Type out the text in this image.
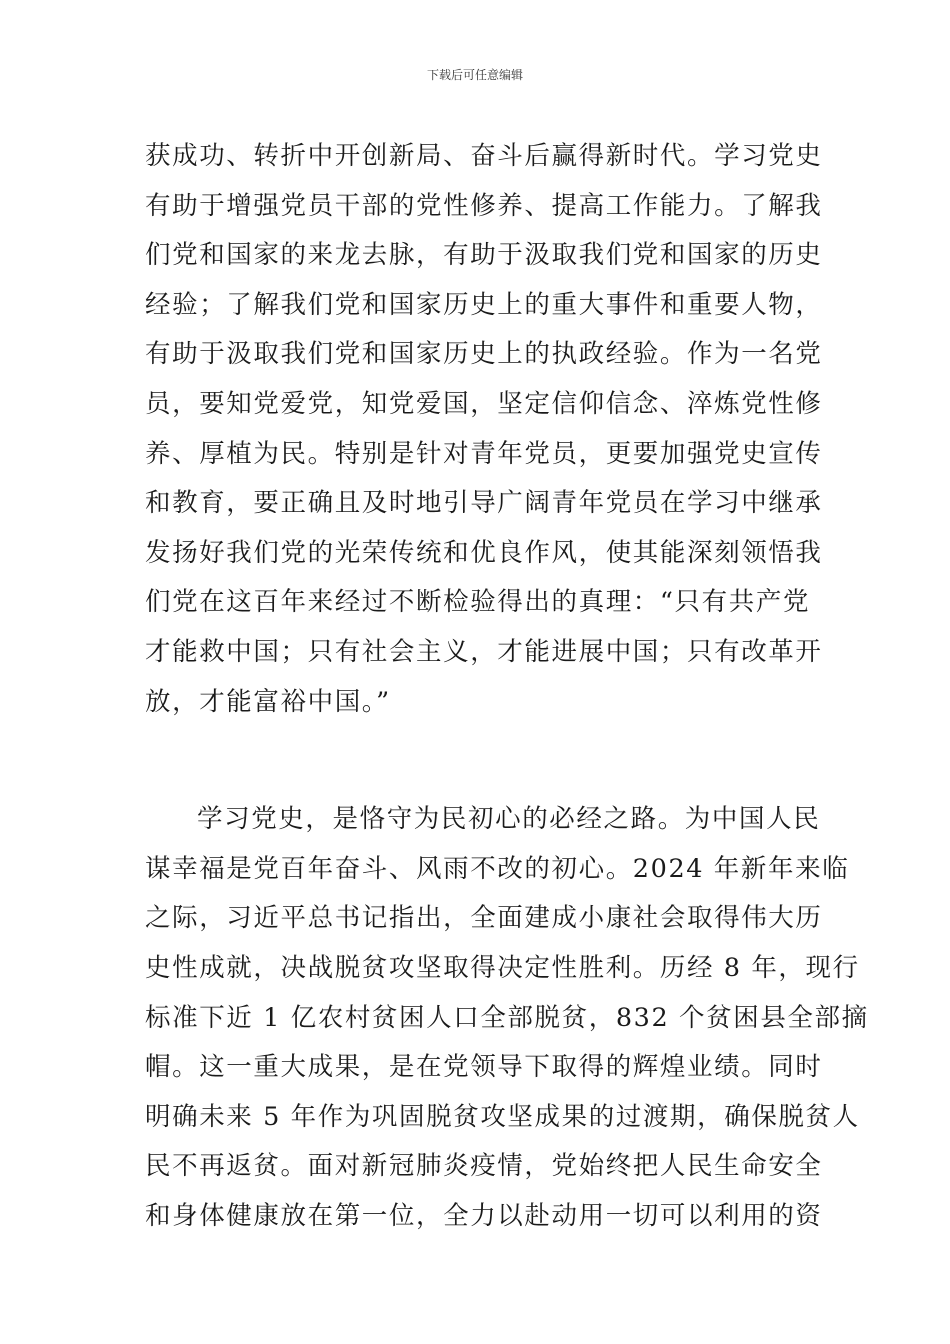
下载后可任意编辑
获成功、转折中开创新局、奋斗后赢得新时代。学习党史
有助于增强党员干部的党性修养、提高工作能力。了解我
们党和国家的来龙去脉，有助于汲取我们党和国家的历史
经验；了解我们党和国家历史上的重大事件和重要人物，
有助于汲取我们党和国家历史上的执政经验。作为一名党
员，要知党爱党，知党爱国，坚定信仰信念、淬炼党性修
养、厚植为民。特别是针对青年党员，更要加强党史宣传
和教育，要正确且及时地引导广阔青年党员在学习中继承
发扬好我们党的光荣传统和优良作风，使其能深刻领悟我
们党在这百年来经过不断检验得出的真理：“只有共产党
才能救中国；只有社会主义，才能进展中国；只有改革开
放，才能富裕中国。”
学习党史，是恪守为民初心的必经之路。为中国人民
谋幸福是党百年奋斗、风雨不改的初心。2024 年新年来临
之际，习近平总书记指出，全面建成小康社会取得伟大历
史性成就，决战脱贫攻坚取得决定性胜利。历经 8 年，现行
标准下近 1 亿农村贫困人口全部脱贫，832 个贫困县全部摘
帽。这一重大成果，是在党领导下取得的辉煌业绩。同时
明确未来 5 年作为巩固脱贫攻坚成果的过渡期，确保脱贫人
民不再返贫。面对新冠肺炎疫情，党始终把人民生命安全
和身体健康放在第一位，全力以赴动用一切可以利用的资
